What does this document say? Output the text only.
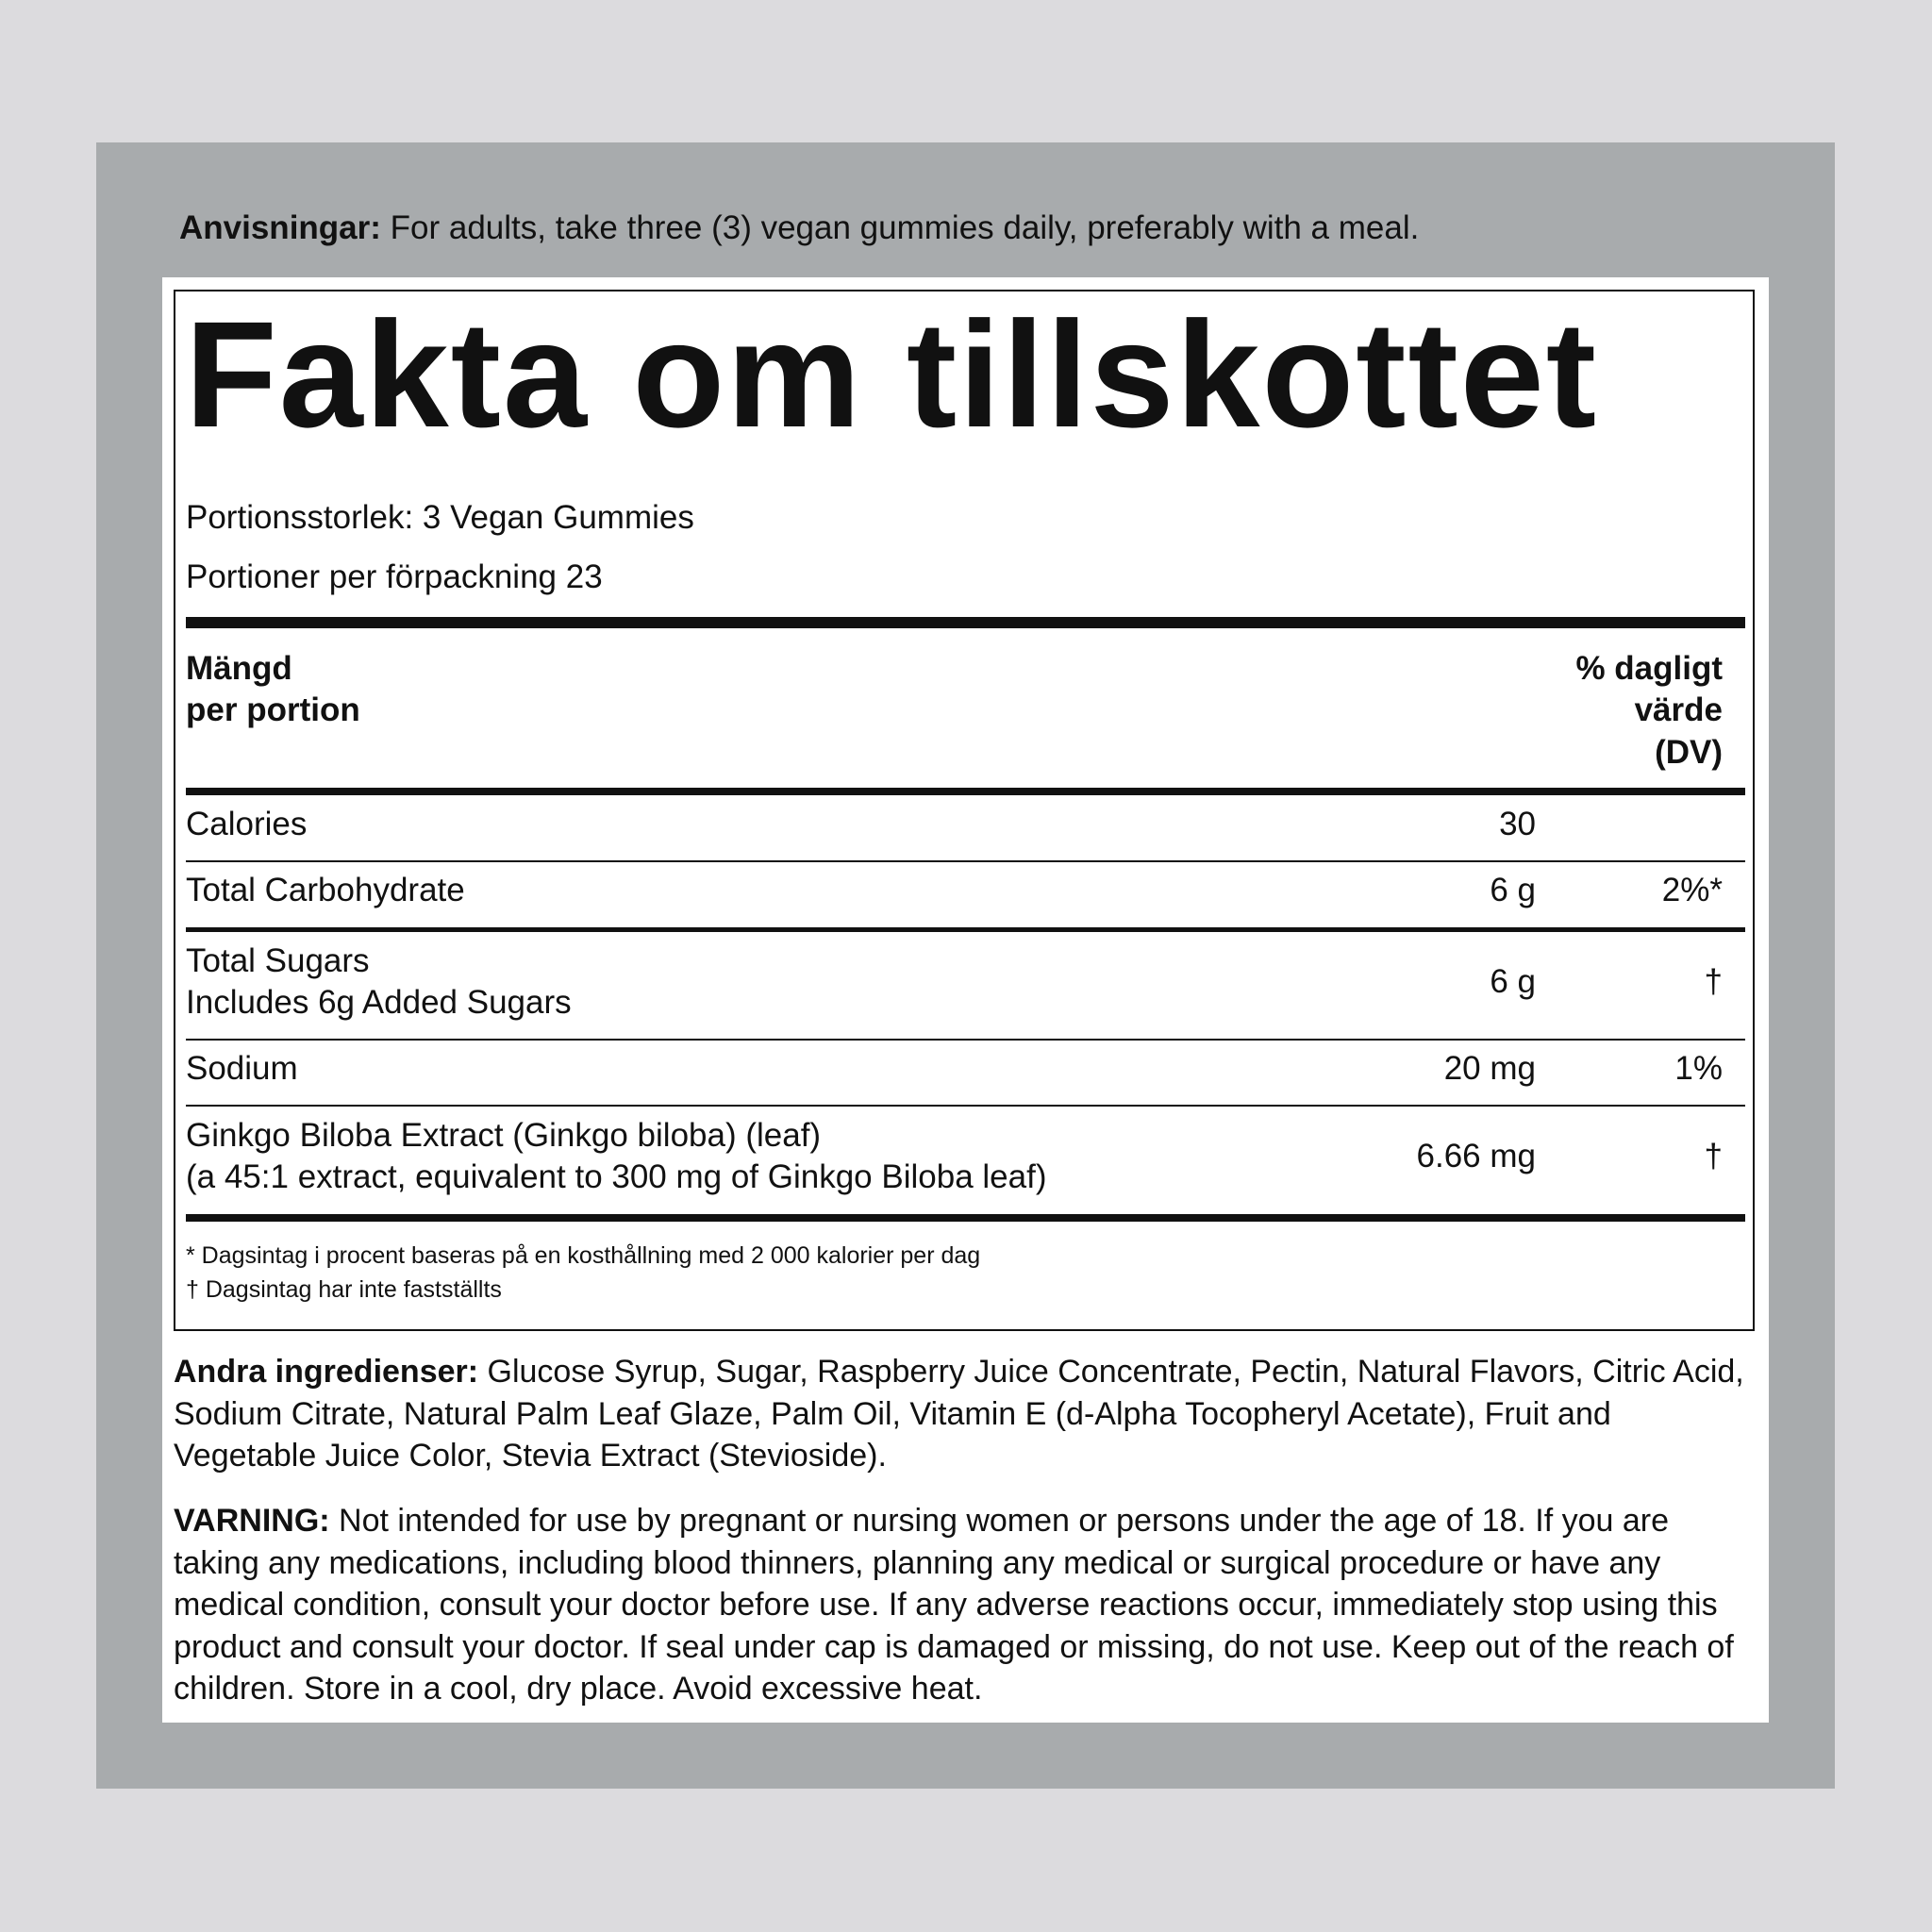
Anvisningar: For adults, take three (3) vegan gummies daily, preferably with a meal.
Fakta om tillskottet
Portionsstorlek: 3 Vegan Gummies
Portioner per förpackning 23
Mängd
per portion
% dagligt
värde
(DV)
Calories	30
Total Carbohydrate	6 g	2%*
Total Sugars
Includes 6g Added Sugars
6 g	†
Sodium	20 mg	1%
Ginkgo Biloba Extract (Ginkgo biloba) (leaf)
(a 45:1 extract, equivalent to 300 mg of Ginkgo Biloba leaf)
6.66 mg	†
* Dagsintag i procent baseras på en kosthållning med 2 000 kalorier per dag
† Dagsintag har inte fastställts
Andra ingredienser: Glucose Syrup, Sugar, Raspberry Juice Concentrate, Pectin, Natural Flavors, Citric Acid, Sodium Citrate, Natural Palm Leaf Glaze, Palm Oil, Vitamin E (d-Alpha Tocopheryl Acetate), Fruit and Vegetable Juice Color, Stevia Extract (Stevioside).
VARNING: Not intended for use by pregnant or nursing women or persons under the age of 18. If you are taking any medications, including blood thinners, planning any medical or surgical procedure or have any medical condition, consult your doctor before use. If any adverse reactions occur, immediately stop using this product and consult your doctor. If seal under cap is damaged or missing, do not use. Keep out of the reach of children. Store in a cool, dry place. Avoid excessive heat.
